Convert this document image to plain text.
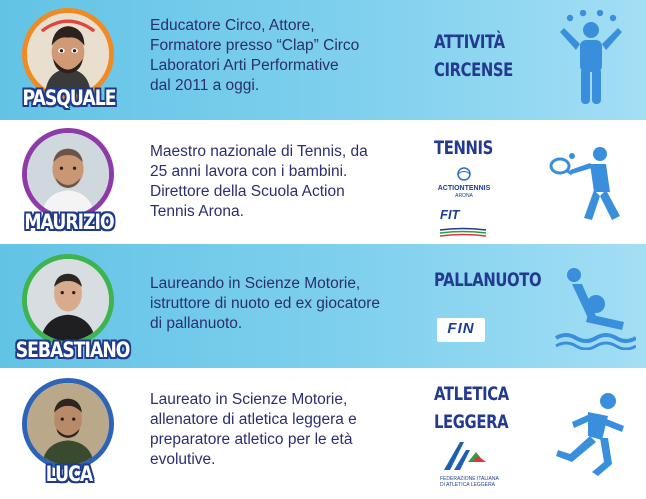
PASQUALE
Educatore Circo, Attore,
Formatore presso “Clap” Circo
Laboratori Arti Performative
dal 2011 a oggi.
ATTIVITÀ
CIRCENSE
MAURIZIO
Maestro nazionale di Tennis, da
25 anni lavora con i bambini.
Direttore della Scuola Action
Tennis Arona.
TENNIS
ACTIONTENNIS
ARONA
FIT
SEBASTIANO
Laureando in Scienze Motorie,
istruttore di nuoto ed ex giocatore
di pallanuoto.
PALLANUOTO
FIN
LUCA
Laureato in Scienze Motorie,
allenatore di atletica leggera e
preparatore atletico per le età
evolutive.
ATLETICA
LEGGERA
FEDERAZIONE ITALIANA
DI ATLETICA LEGGERA
